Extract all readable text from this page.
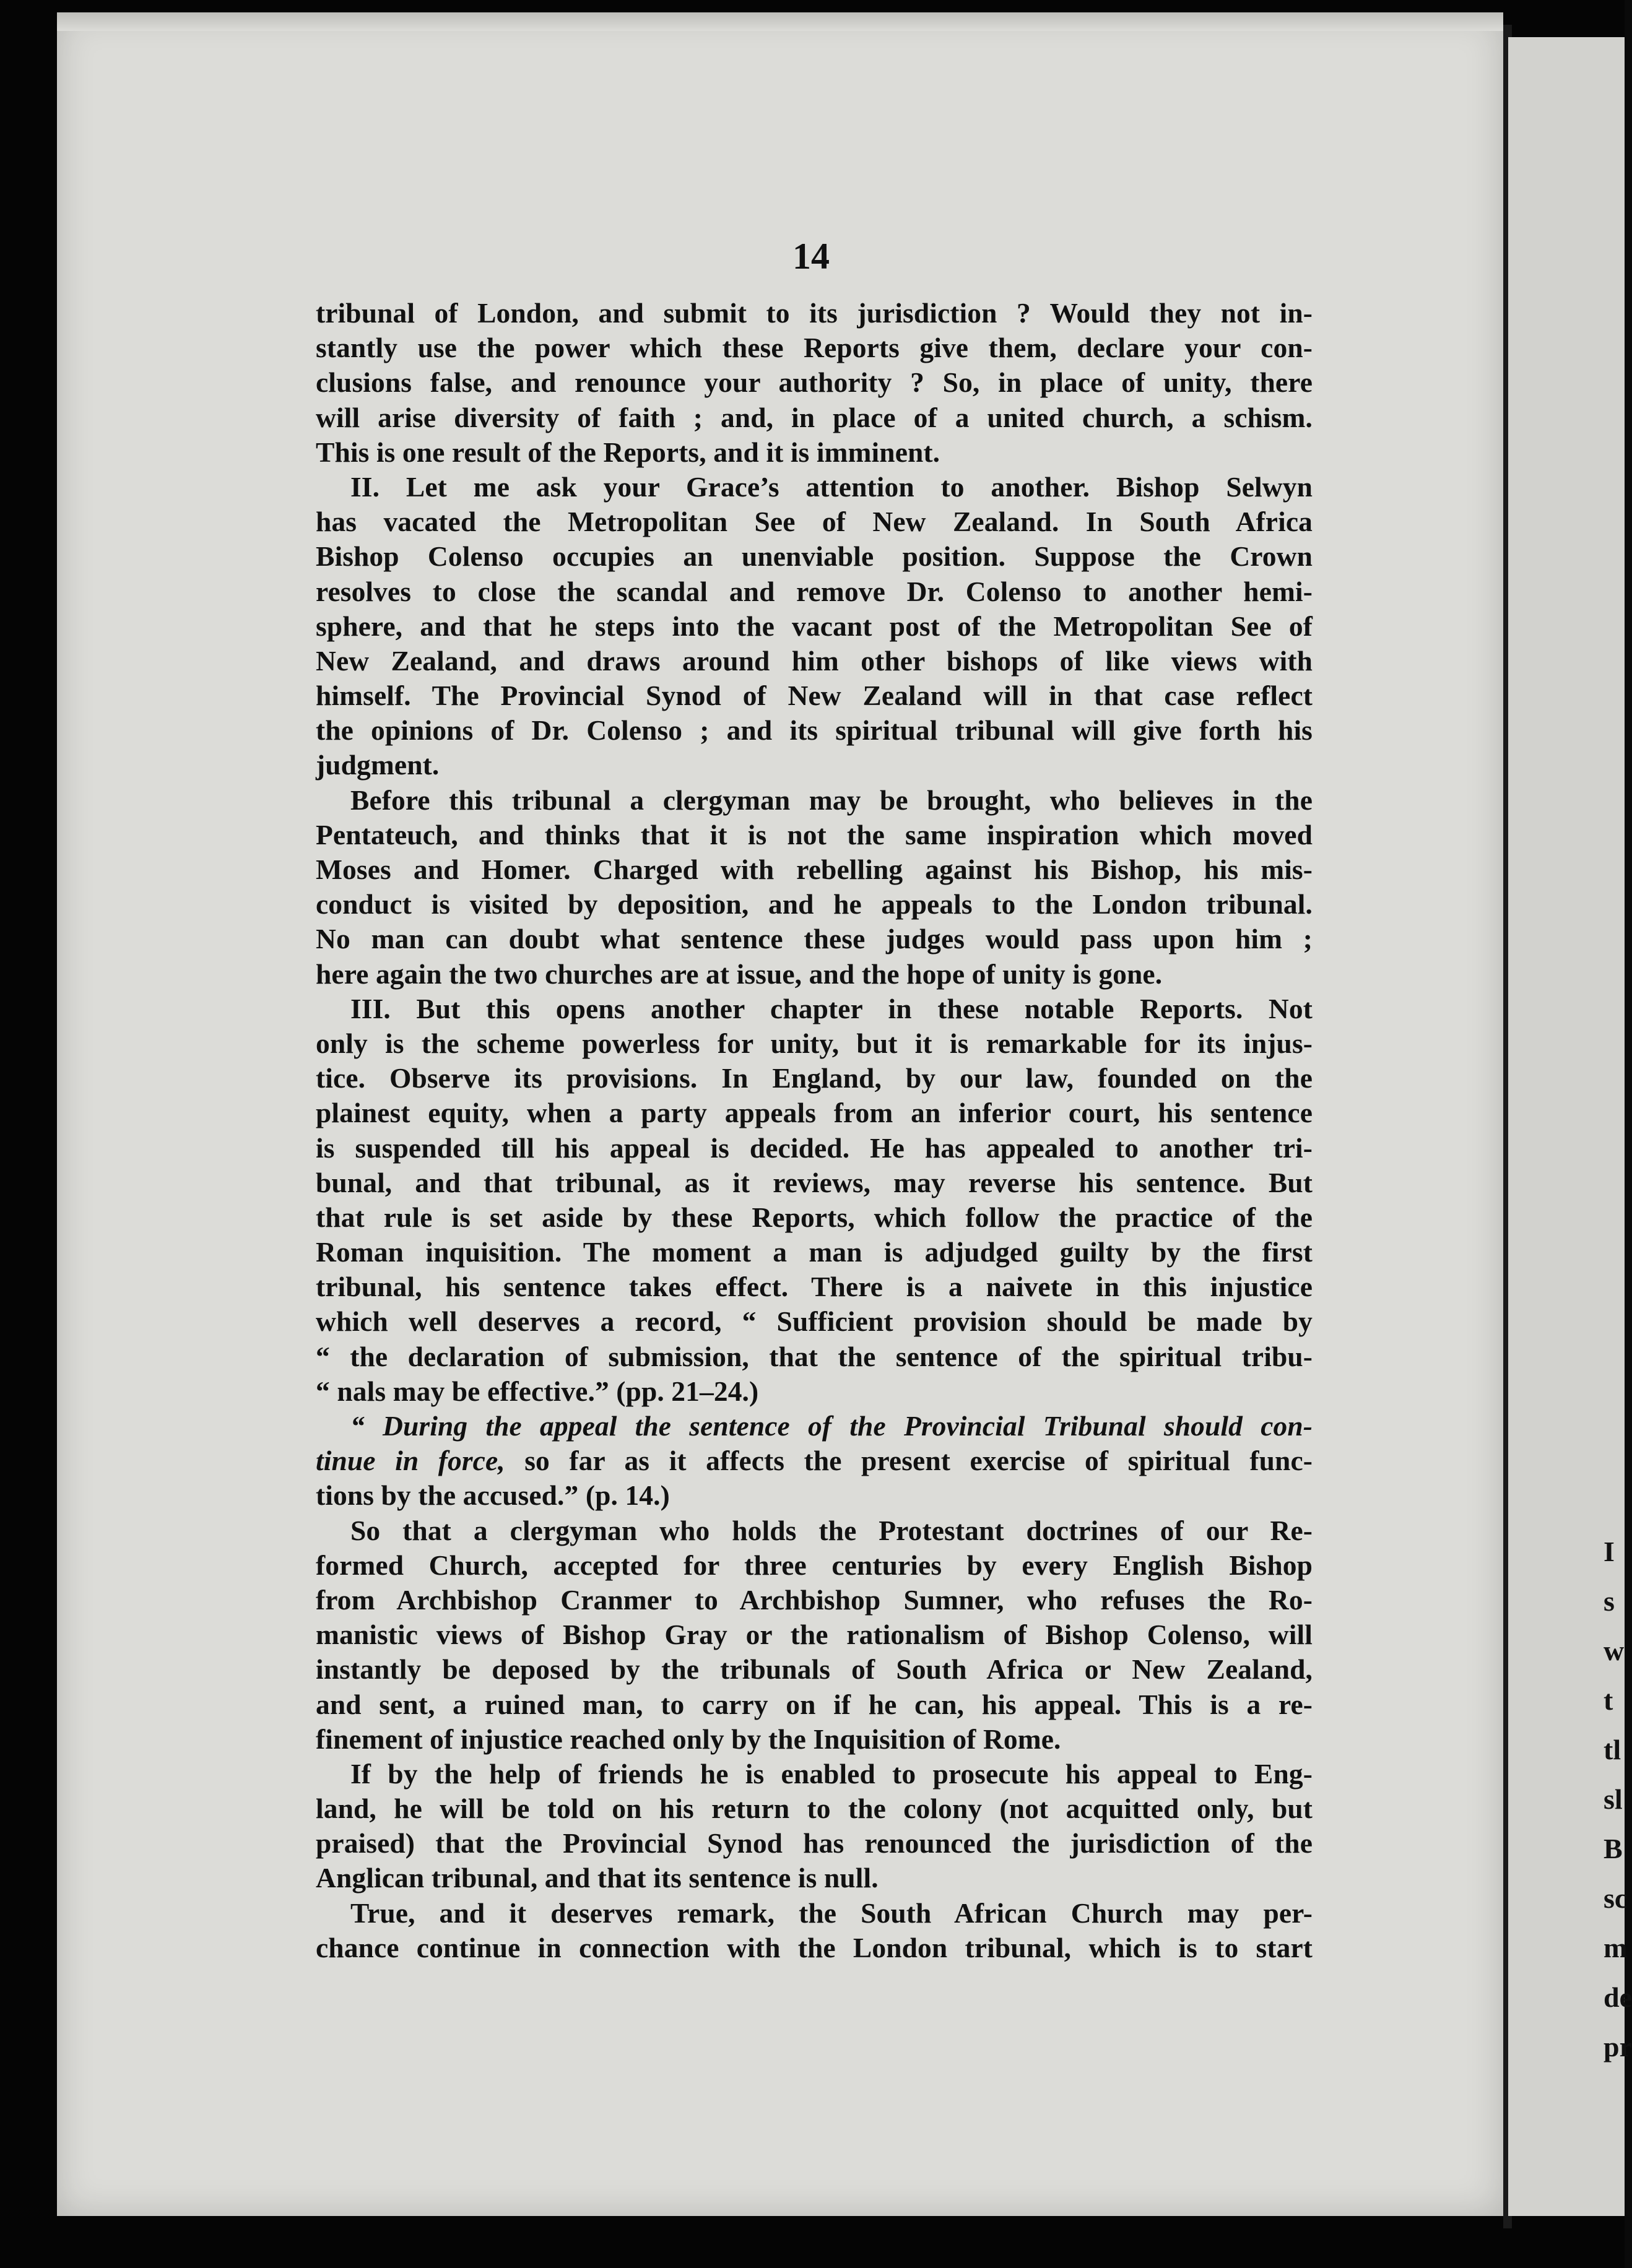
I
s
w
t
tl
sl
B
sc
m
de
pr
14
tribunal of London, and submit to its jurisdiction ? Would they not in-
stantly use the power which these Reports give them, declare your con-
clusions false, and renounce your authority ? So, in place of unity, there
will arise diversity of faith ; and, in place of a united church, a schism.
This is one result of the Reports, and it is imminent.
II. Let me ask your Grace’s attention to another. Bishop Selwyn
has vacated the Metropolitan See of New Zealand. In South Africa
Bishop Colenso occupies an unenviable position. Suppose the Crown
resolves to close the scandal and remove Dr. Colenso to another hemi-
sphere, and that he steps into the vacant post of the Metropolitan See of
New Zealand, and draws around him other bishops of like views with
himself. The Provincial Synod of New Zealand will in that case reflect
the opinions of Dr. Colenso ; and its spiritual tribunal will give forth his
judgment.
Before this tribunal a clergyman may be brought, who believes in the
Pentateuch, and thinks that it is not the same inspiration which moved
Moses and Homer. Charged with rebelling against his Bishop, his mis-
conduct is visited by deposition, and he appeals to the London tribunal.
No man can doubt what sentence these judges would pass upon him ;
here again the two churches are at issue, and the hope of unity is gone.
III. But this opens another chapter in these notable Reports. Not
only is the scheme powerless for unity, but it is remarkable for its injus-
tice. Observe its provisions. In England, by our law, founded on the
plainest equity, when a party appeals from an inferior court, his sentence
is suspended till his appeal is decided. He has appealed to another tri-
bunal, and that tribunal, as it reviews, may reverse his sentence. But
that rule is set aside by these Reports, which follow the practice of the
Roman inquisition. The moment a man is adjudged guilty by the first
tribunal, his sentence takes effect. There is a naivete in this injustice
which well deserves a record, “ Sufficient provision should be made by
“ the declaration of submission, that the sentence of the spiritual tribu-
“ nals may be effective.” (pp. 21–24.)
“ During the appeal the sentence of the Provincial Tribunal should con-
tinue in force, so far as it affects the present exercise of spiritual func-
tions by the accused.” (p. 14.)
So that a clergyman who holds the Protestant doctrines of our Re-
formed Church, accepted for three centuries by every English Bishop
from Archbishop Cranmer to Archbishop Sumner, who refuses the Ro-
manistic views of Bishop Gray or the rationalism of Bishop Colenso, will
instantly be deposed by the tribunals of South Africa or New Zealand,
and sent, a ruined man, to carry on if he can, his appeal. This is a re-
finement of injustice reached only by the Inquisition of Rome.
If by the help of friends he is enabled to prosecute his appeal to Eng-
land, he will be told on his return to the colony (not acquitted only, but
praised) that the Provincial Synod has renounced the jurisdiction of the
Anglican tribunal, and that its sentence is null.
True, and it deserves remark, the South African Church may per-
chance continue in connection with the London tribunal, which is to start
